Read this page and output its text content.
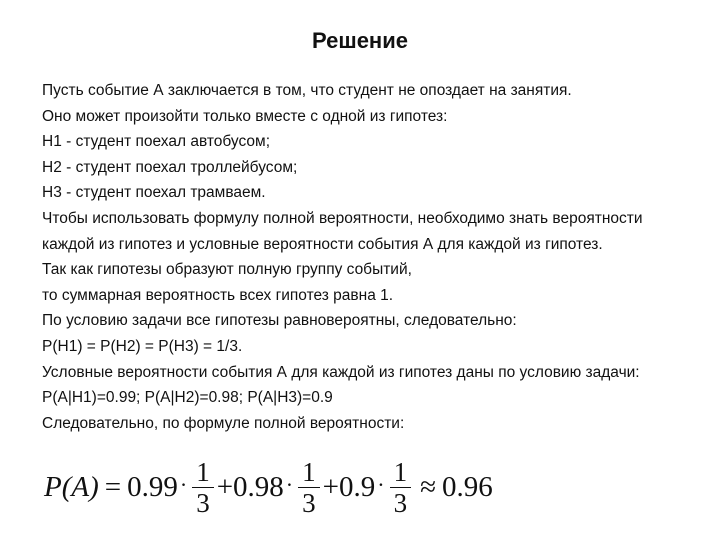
Решение
Пусть событие А заключается в том, что студент не опоздает на занятия.
Оно может произойти только вместе с одной из гипотез:
Н1 - студент поехал автобусом;
Н2 - студент поехал троллейбусом;
Н3 - студент поехал трамваем.
Чтобы использовать формулу полной вероятности, необходимо знать вероятности
каждой из гипотез и условные вероятности события А для каждой из гипотез.
Так как гипотезы образуют полную группу событий,
то суммарная вероятность всех гипотез равна 1.
По условию задачи все гипотезы равновероятны, следовательно:
Р(Н1) = Р(Н2) = Р(Н3) = 1/3.
Условные вероятности события А для каждой из гипотез даны по условию задачи:
Р(А|Н1)=0.99; Р(А|Н2)=0.98; Р(А|Н3)=0.9
Следовательно, по формуле полной вероятности:
$P(A) = 0.99 \cdot \frac{1}{3} + 0.98 \cdot \frac{1}{3} + 0.9 \cdot \frac{1}{3} \approx 0.96$
